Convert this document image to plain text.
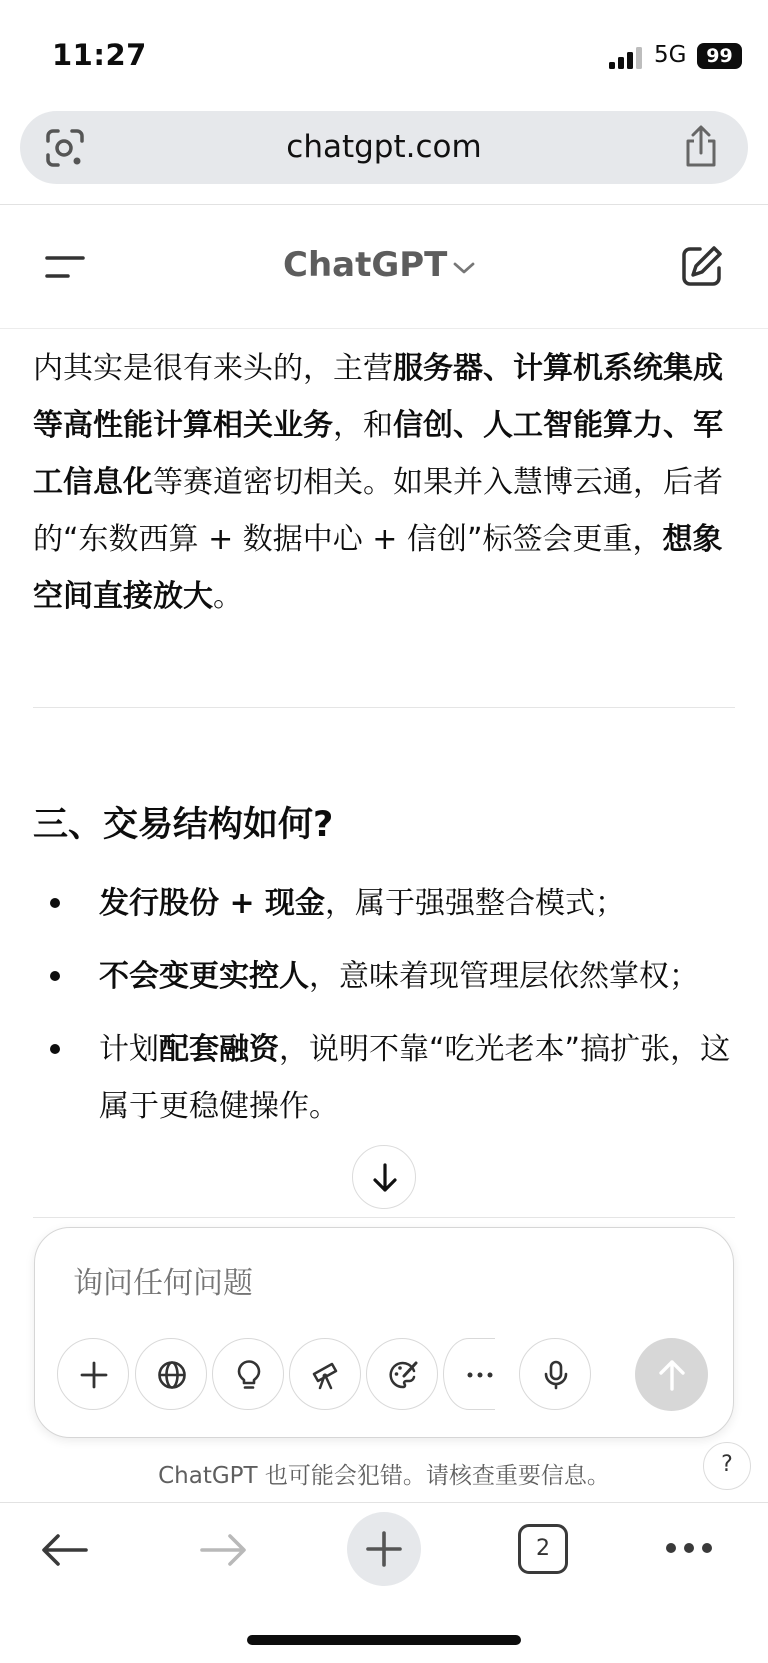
11:27	5G	99
chatgpt.com
ChatGPT

内其实是很有来头的，主营服务器、计算机系统集成等高性能计算相关业务，和信创、人工智能算力、军工信息化等赛道密切相关。如果并入慧博云通，后者的“东数西算 + 数据中心 + 信创”标签会更重，想象空间直接放大。

三、交易结构如何?
发行股份 + 现金，属于强强整合模式；
不会变更实控人，意味着现管理层依然掌权；
计划配套融资，说明不靠“吃光老本”搞扩张，这属于更稳健操作。
询问任何问题
ChatGPT 也可能会犯错。请核查重要信息。	?
2
